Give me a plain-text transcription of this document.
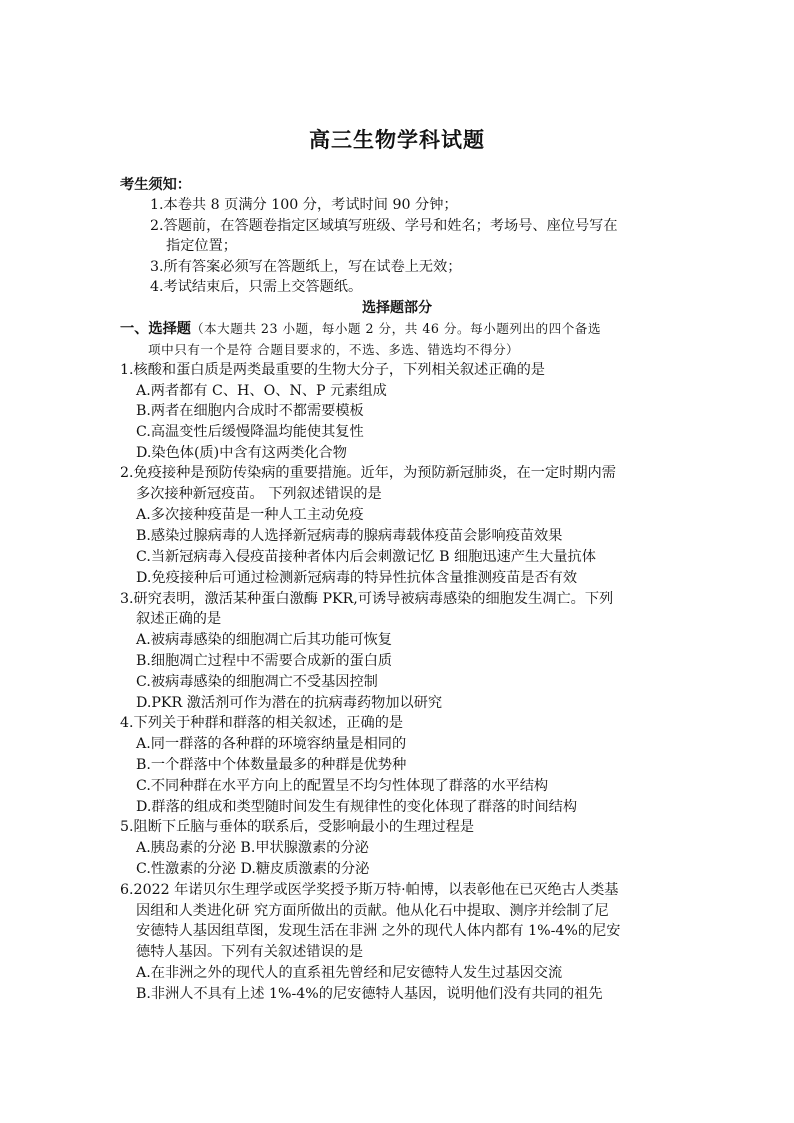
高三生物学科试题
考生须知：
1.本卷共 8 页满分 100 分，考试时间 90 分钟；
2.答题前，在答题卷指定区域填写班级、学号和姓名；考场号、座位号写在
指定位置；
3.所有答案必须写在答题纸上，写在试卷上无效；
4.考试结束后，只需上交答题纸。
选择题部分
一、选择题（本大题共 23 小题，每小题 2 分，共 46 分。每小题列出的四个备选
项中只有一个是符 合题目要求的，不选、多选、错选均不得分）
1.核酸和蛋白质是两类最重要的生物大分子，下列相关叙述正确的是
A.两者都有 C、H、O、N、P 元素组成
B.两者在细胞内合成时不都需要模板
C.高温变性后缓慢降温均能使其复性
D.染色体(质)中含有这两类化合物
2.免疫接种是预防传染病的重要措施。近年，为预防新冠肺炎，在一定时期内需
多次接种新冠疫苗。 下列叙述错误的是
A.多次接种疫苗是一种人工主动免疫
B.感染过腺病毒的人选择新冠病毒的腺病毒载体疫苗会影响疫苗效果
C.当新冠病毒入侵疫苗接种者体内后会刺激记忆 B 细胞迅速产生大量抗体
D.免疫接种后可通过检测新冠病毒的特异性抗体含量推测疫苗是否有效
3.研究表明，激活某种蛋白激酶 PKR,可诱导被病毒感染的细胞发生凋亡。下列
叙述正确的是
A.被病毒感染的细胞凋亡后其功能可恢复
B.细胞凋亡过程中不需要合成新的蛋白质
C.被病毒感染的细胞凋亡不受基因控制
D.PKR 激活剂可作为潜在的抗病毒药物加以研究
4.下列关于种群和群落的相关叙述，正确的是
A.同一群落的各种群的环境容纳量是相同的
B.一个群落中个体数量最多的种群是优势种
C.不同种群在水平方向上的配置呈不均匀性体现了群落的水平结构
D.群落的组成和类型随时间发生有规律性的变化体现了群落的时间结构
5.阻断下丘脑与垂体的联系后，受影响最小的生理过程是
A.胰岛素的分泌 B.甲状腺激素的分泌
C.性激素的分泌 D.糖皮质激素的分泌
6.2022 年诺贝尔生理学或医学奖授予斯万特·帕博，以表彰他在已灭绝古人类基
因组和人类进化研 究方面所做出的贡献。他从化石中提取、测序并绘制了尼
安德特人基因组草图，发现生活在非洲 之外的现代人体内都有 1%-4%的尼安
德特人基因。下列有关叙述错误的是
A.在非洲之外的现代人的直系祖先曾经和尼安德特人发生过基因交流
B.非洲人不具有上述 1%-4%的尼安德特人基因，说明他们没有共同的祖先
